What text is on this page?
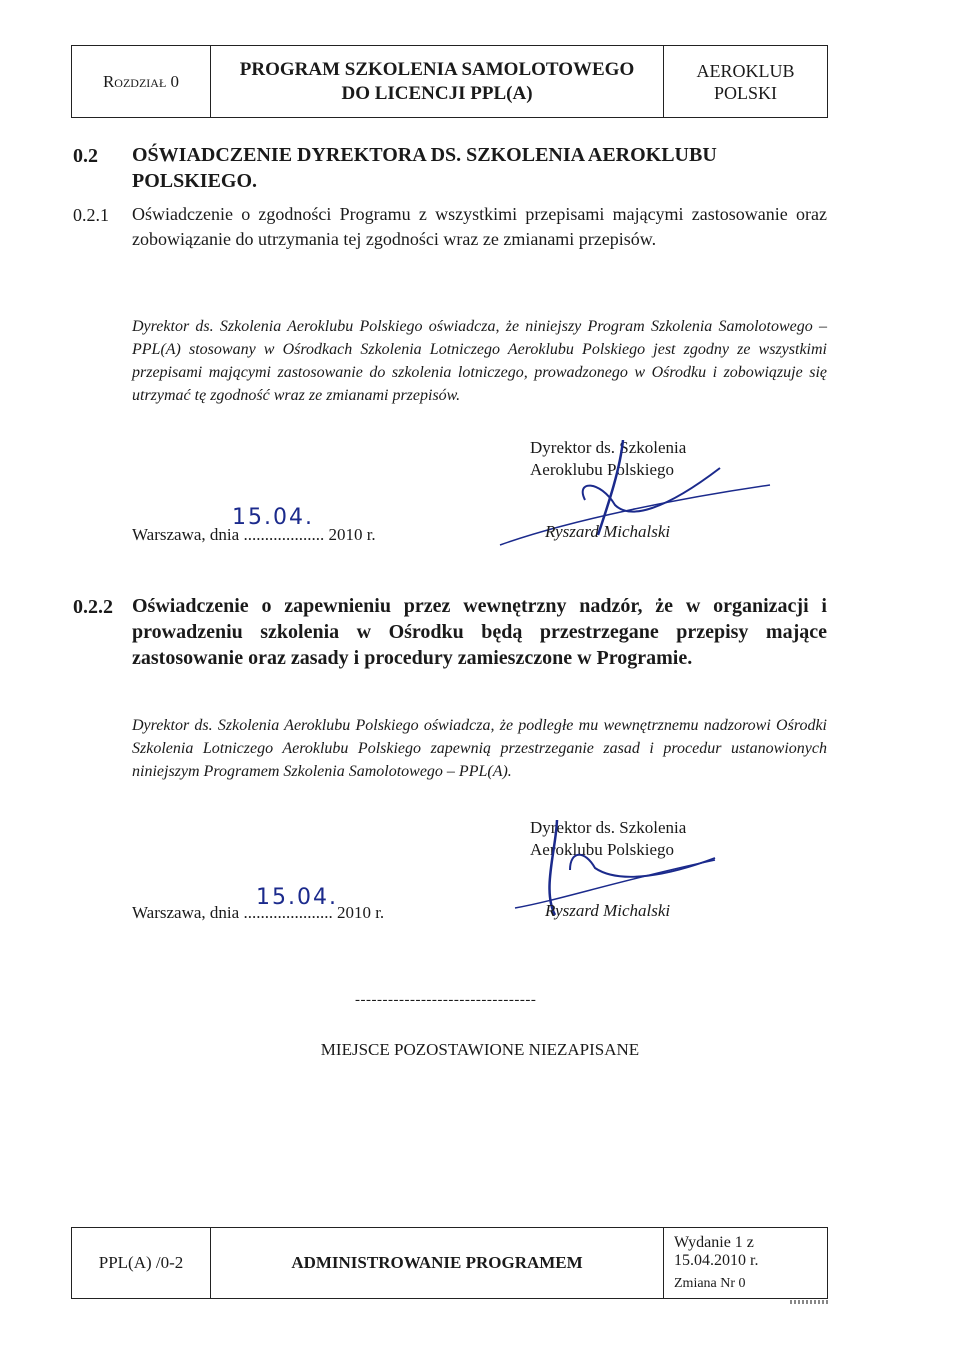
Rozdział 0
PROGRAM SZKOLENIA SAMOLOTOWEGO
DO LICENCJI PPL(A)
AEROKLUB
POLSKI
0.2 OŚWIADCZENIE DYREKTORA DS. SZKOLENIA AEROKLUBU
POLSKIEGO.
0.2.1 Oświadczenie o zgodności Programu z wszystkimi przepisami mającymi zastosowanie oraz zobowiązanie do utrzymania tej zgodności wraz ze zmianami przepisów.
Dyrektor ds. Szkolenia Aeroklubu Polskiego oświadcza, że niniejszy Program Szkolenia Samolotowego – PPL(A) stosowany w Ośrodkach Szkolenia Lotniczego Aeroklubu Polskiego jest zgodny ze wszystkimi przepisami mającymi zastosowanie do szkolenia lotniczego, prowadzonego w Ośrodku i zobowiązuje się utrzymać tę zgodność wraz ze zmianami przepisów.
Dyrektor ds. Szkolenia
Aeroklubu Polskiego
Ryszard Michalski
Warszawa, dnia ................... 2010 r.
15.04.
0.2.2 Oświadczenie o zapewnieniu przez wewnętrzny nadzór, że w organizacji i prowadzeniu szkolenia w Ośrodku będą przestrzegane przepisy mające zastosowanie oraz zasady i procedury zamieszczone w Programie.
Dyrektor ds. Szkolenia Aeroklubu Polskiego oświadcza, że podległe mu wewnętrznemu nadzorowi Ośrodki Szkolenia Lotniczego Aeroklubu Polskiego zapewnią przestrzeganie zasad i procedur ustanowionych niniejszym Programem Szkolenia Samolotowego – PPL(A).
Dyrektor ds. Szkolenia
Aeroklubu Polskiego
Ryszard Michalski
Warszawa, dnia ..................... 2010 r.
15.04.
---------------------------------
MIEJSCE POZOSTAWIONE NIEZAPISANE
PPL(A) /0-2	ADMINISTROWANIE PROGRAMEM
Wydanie 1 z 15.04.2010 r.
Zmiana Nr 0
